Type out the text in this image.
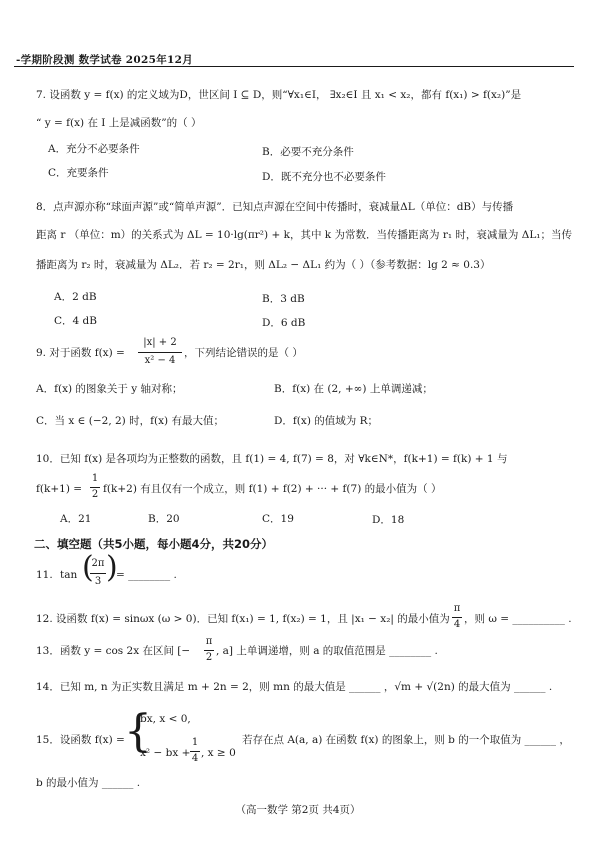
-学期阶段测 数学试卷 2025年12月
7. 设函数 y = f(x) 的定义域为D，世区间 I ⊆ D，则“∀x₁∈I， ∃x₂∈I 且 x₁ < x₂，都有 f(x₁) > f(x₂)”是
“ y = f(x) 在 I 上是减函数”的（ ）
A．充分不必要条件	B．必要不充分条件
C．充要条件	D．既不充分也不必要条件
8．点声源亦称“球面声源”或“简单声源”．已知点声源在空间中传播时，衰减量ΔL（单位：dB）与传播
距离 r （单位：m）的关系式为 ΔL = 10·lg(πr²) + k，其中 k 为常数．当传播距离为 r₁ 时，衰减量为 ΔL₁；当传
播距离为 r₂ 时，衰减量为 ΔL₂．若 r₂ = 2r₁，则 ΔL₂ − ΔL₁ 约为（ ）（参考数据：lg 2 ≈ 0.3）
A．2 dB	B．3 dB
C．4 dB	D．6 dB
9. 对于函数 f(x) =
|x| + 2
x² − 4
，下列结论错误的是（ ）
A．f(x) 的图象关于 y 轴对称；	B．f(x) 在 (2, +∞) 上单调递减；
C．当 x ∈ (−2, 2) 时，f(x) 有最大值；	D．f(x) 的值域为 R；
10．已知 f(x) 是各项均为正整数的函数，且 f(1) = 4, f(7) = 8，对 ∀k∈N*，f(k+1) = f(k) + 1 与
f(k+1) =
1
2 f(k+2) 有且仅有一个成立，则 f(1) + f(2) + ··· + f(7) 的最小值为（ ）
A．21	B．20	C．19	D．18
二、填空题（共5小题，每小题4分，共20分）
11. tan (
2π
3 )
= ________ .
12. 设函数 f(x) = sinωx (ω > 0)．已知 f(x₁) = 1, f(x₂) = 1，且 |x₁ − x₂| 的最小值为
π
4 ，则 ω = __________ .
13．函数 y = cos 2x 在区间 [−
π
2
, a] 上单调递增，则 a 的取值范围是 ________ .
14．已知 m, n 为正实数且满足 m + 2n = 2，则 mn 的最大值是 ______ ，√m + √(2n) 的最大值为 ______ .
15．设函数 f(x) = {
bx, x < 0,
x² − bx +
1
4 , x ≥ 0
若存在点 A(a, a) 在函数 f(x) 的图象上，则 b 的一个取值为 ______ ，
b 的最小值为 ______ .
（高一数学 第2页 共4页）
